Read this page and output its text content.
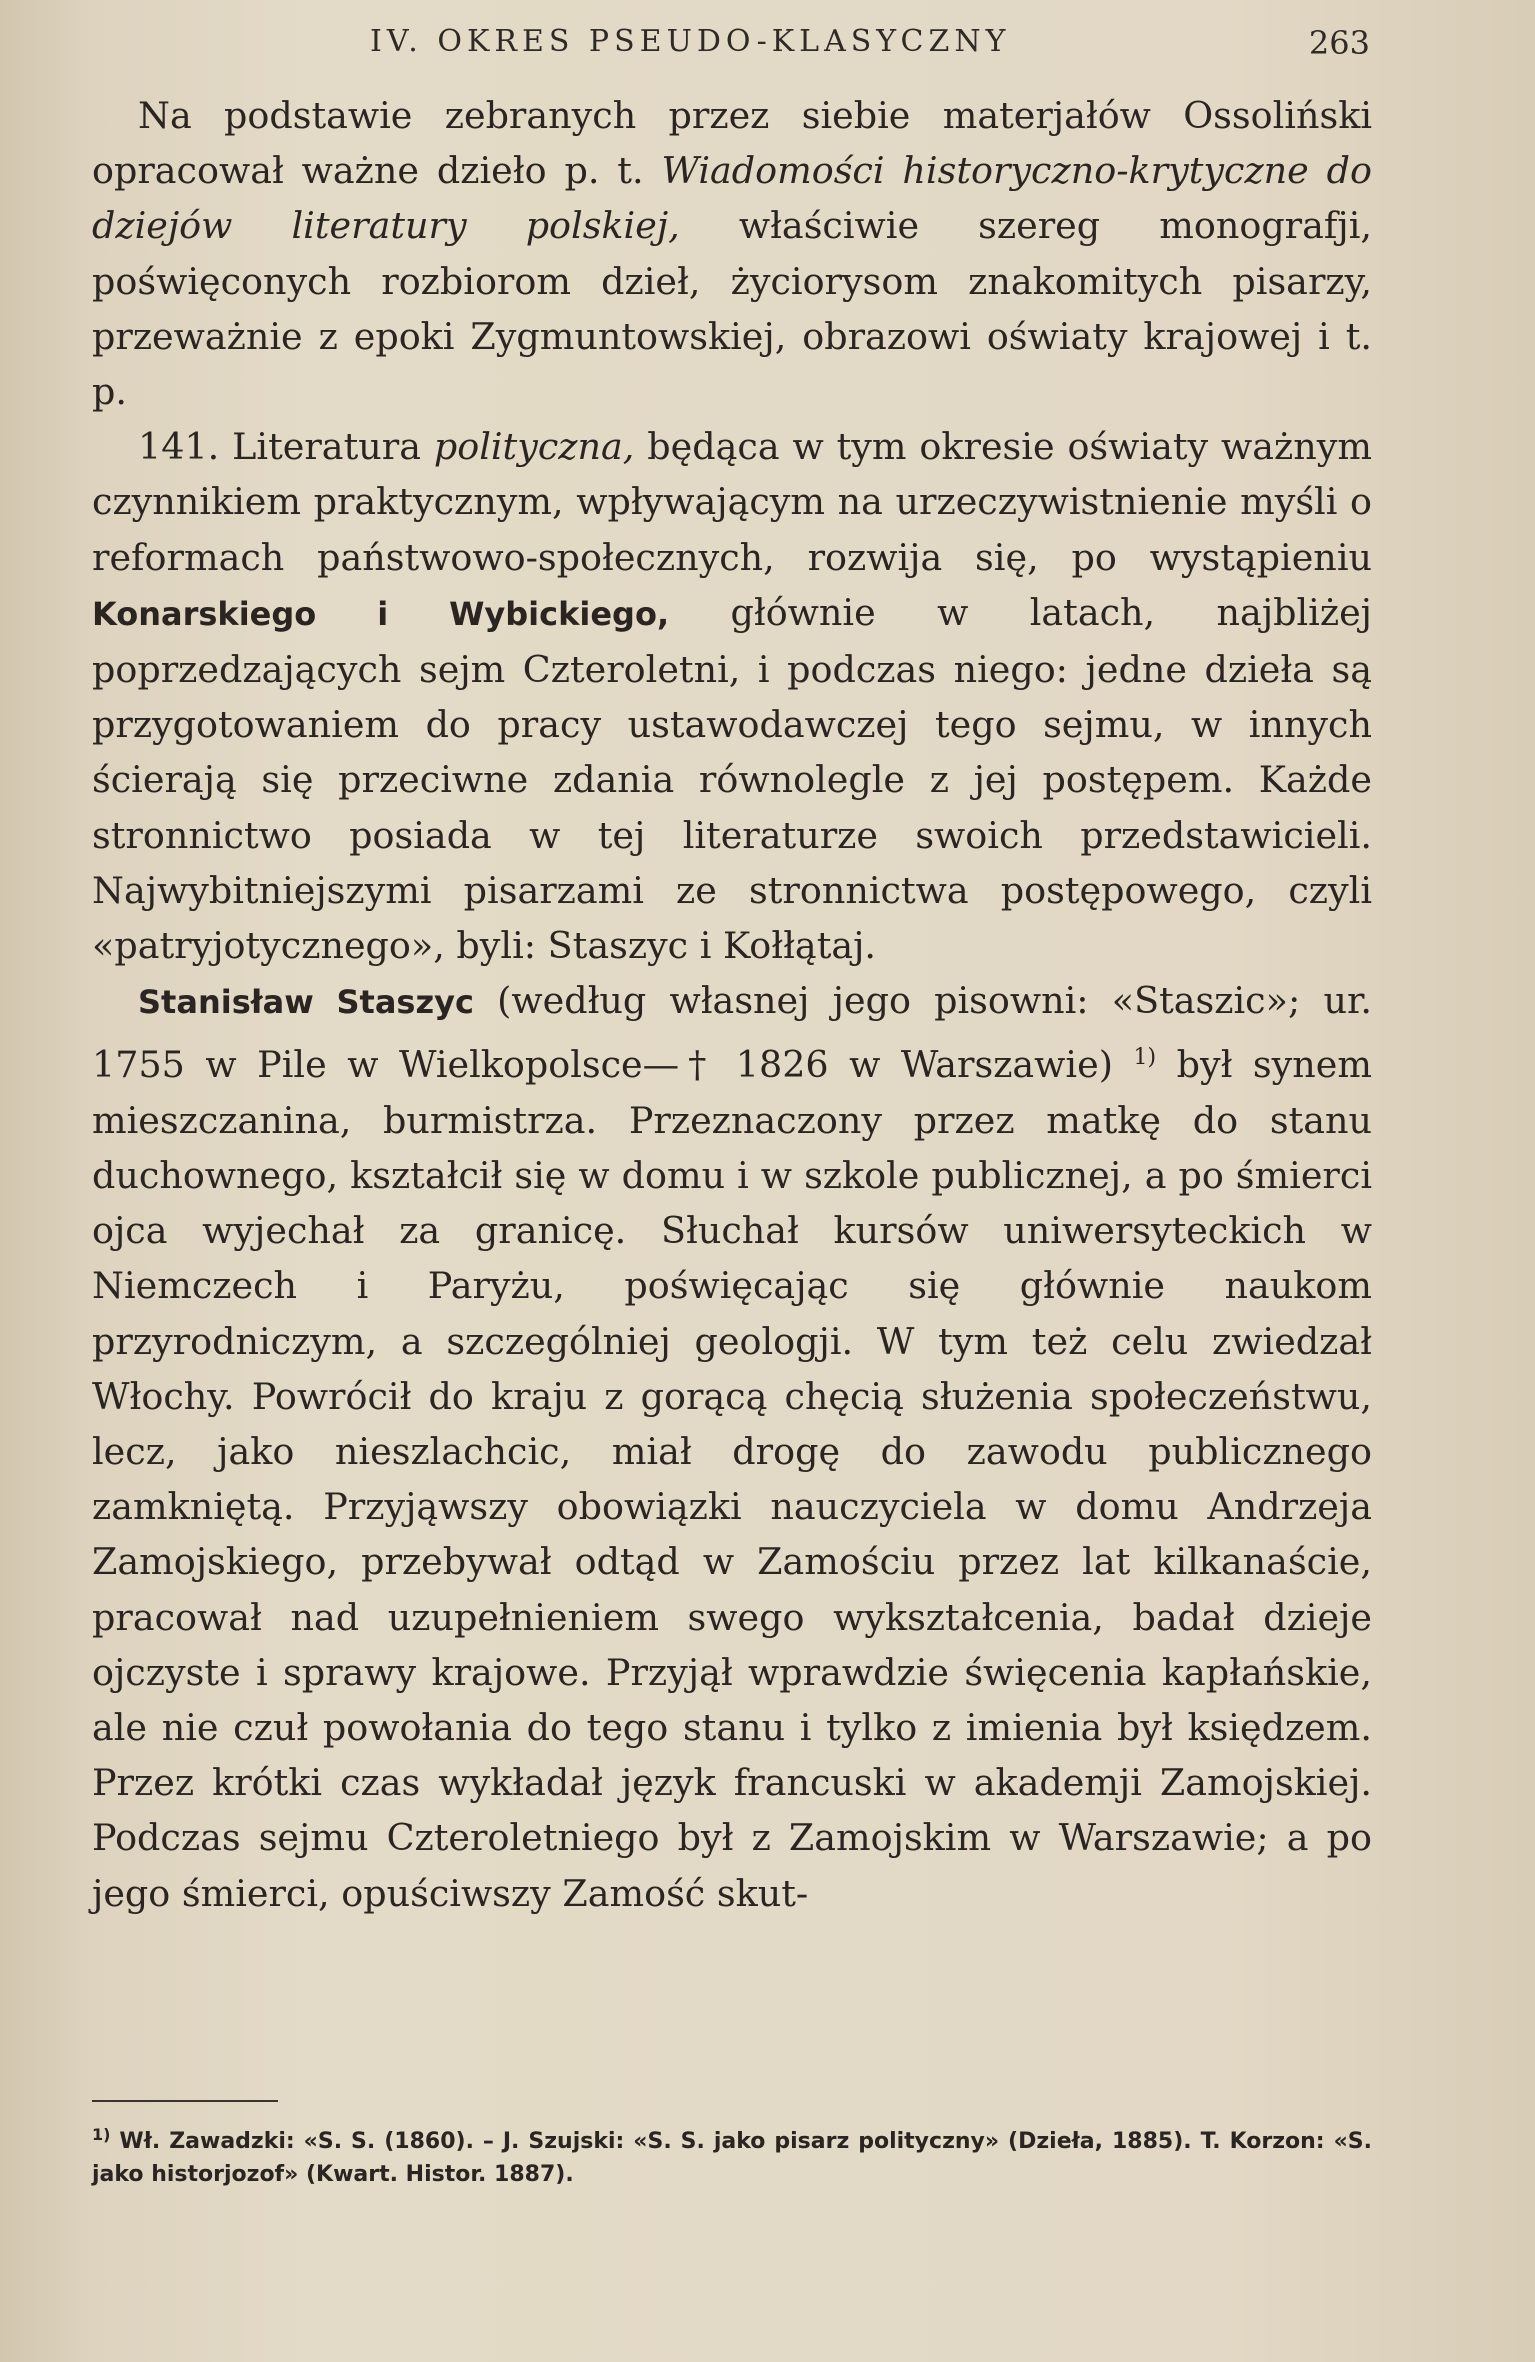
IV. OKRES PSEUDO-KLASYCZNY	263

Na podstawie zebranych przez siebie materjałów Ossoliński opracował ważne dzieło p. t. Wiadomości historyczno-krytyczne do dziejów literatury polskiej, właściwie szereg monografji, poświęconych rozbiorom dzieł, życiorysom znakomitych pisarzy, przeważnie z epoki Zygmuntowskiej, obrazowi oświaty krajowej i t. p.

141. Literatura polityczna, będąca w tym okresie oświaty ważnym czynnikiem praktycznym, wpływającym na urzeczywistnienie myśli o reformach państwowo-społecznych, rozwija się, po wystąpieniu Konarskiego i Wybickiego, głównie w latach, najbliżej poprzedzających sejm Czteroletni, i podczas niego: jedne dzieła są przygotowaniem do pracy ustawodawczej tego sejmu, w innych ścierają się przeciwne zdania równolegle z jej postępem. Każde stronnictwo posiada w tej literaturze swoich przedstawicieli. Najwybitniejszymi pisarzami ze stronnictwa postępowego, czyli «patryjotycznego», byli: Staszyc i Kołłątaj.

Stanisław Staszyc (według własnej jego pisowni: «Staszic»; ur. 1755 w Pile w Wielkopolsce—† 1826 w Warszawie) $^{1)}$ był synem mieszczanina, burmistrza. Przeznaczony przez matkę do stanu duchownego, kształcił się w domu i w szkole publicznej, a po śmierci ojca wyjechał za granicę. Słuchał kursów uniwersyteckich w Niemczech i Paryżu, poświęcając się głównie naukom przyrodniczym, a szczególniej geologji. W tym też celu zwiedzał Włochy. Powrócił do kraju z gorącą chęcią służenia społeczeństwu, lecz, jako nieszlachcic, miał drogę do zawodu publicznego zamkniętą. Przyjąwszy obowiązki nauczyciela w domu Andrzeja Zamojskiego, przebywał odtąd w Zamościu przez lat kilkanaście, pracował nad uzupełnieniem swego wykształcenia, badał dzieje ojczyste i sprawy krajowe. Przyjął wprawdzie święcenia kapłańskie, ale nie czuł powołania do tego stanu i tylko z imienia był księdzem. Przez krótki czas wykładał język francuski w akademji Zamojskiej. Podczas sejmu Czteroletniego był z Zamojskim w Warszawie; a po jego śmierci, opuściwszy Zamość skut-

$^{1)}$ Wł. Zawadzki: «S. S. (1860). – J. Szujski: «S. S. jako pisarz polityczny» (Dzieła, 1885). T. Korzon: «S. jako historjozof» (Kwart. Histor. 1887).
